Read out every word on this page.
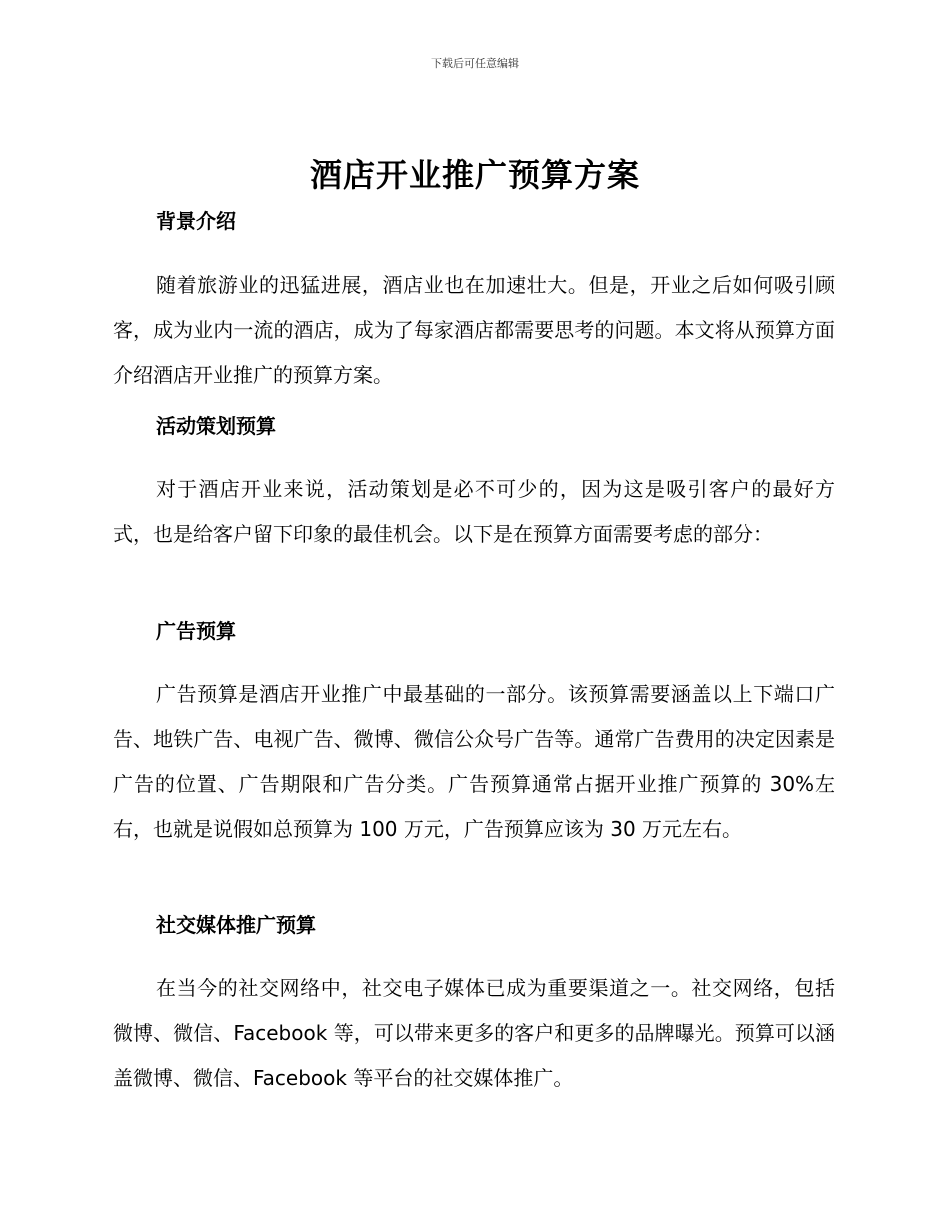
下载后可任意编辑
酒店开业推广预算方案
背景介绍

随着旅游业的迅猛进展，酒店业也在加速壮大。但是，开业之后如何吸引顾客，成为业内一流的酒店，成为了每家酒店都需要思考的问题。本文将从预算方面介绍酒店开业推广的预算方案。

活动策划预算

对于酒店开业来说，活动策划是必不可少的，因为这是吸引客户的最好方式，也是给客户留下印象的最佳机会。以下是在预算方面需要考虑的部分：

广告预算

广告预算是酒店开业推广中最基础的一部分。该预算需要涵盖以上下端口广告、地铁广告、电视广告、微博、微信公众号广告等。通常广告费用的决定因素是广告的位置、广告期限和广告分类。广告预算通常占据开业推广预算的 30%左右，也就是说假如总预算为 100 万元，广告预算应该为 30 万元左右。

社交媒体推广预算

在当今的社交网络中，社交电子媒体已成为重要渠道之一。社交网络，包括微博、微信、Facebook 等，可以带来更多的客户和更多的品牌曝光。预算可以涵盖微博、微信、Facebook 等平台的社交媒体推广。
